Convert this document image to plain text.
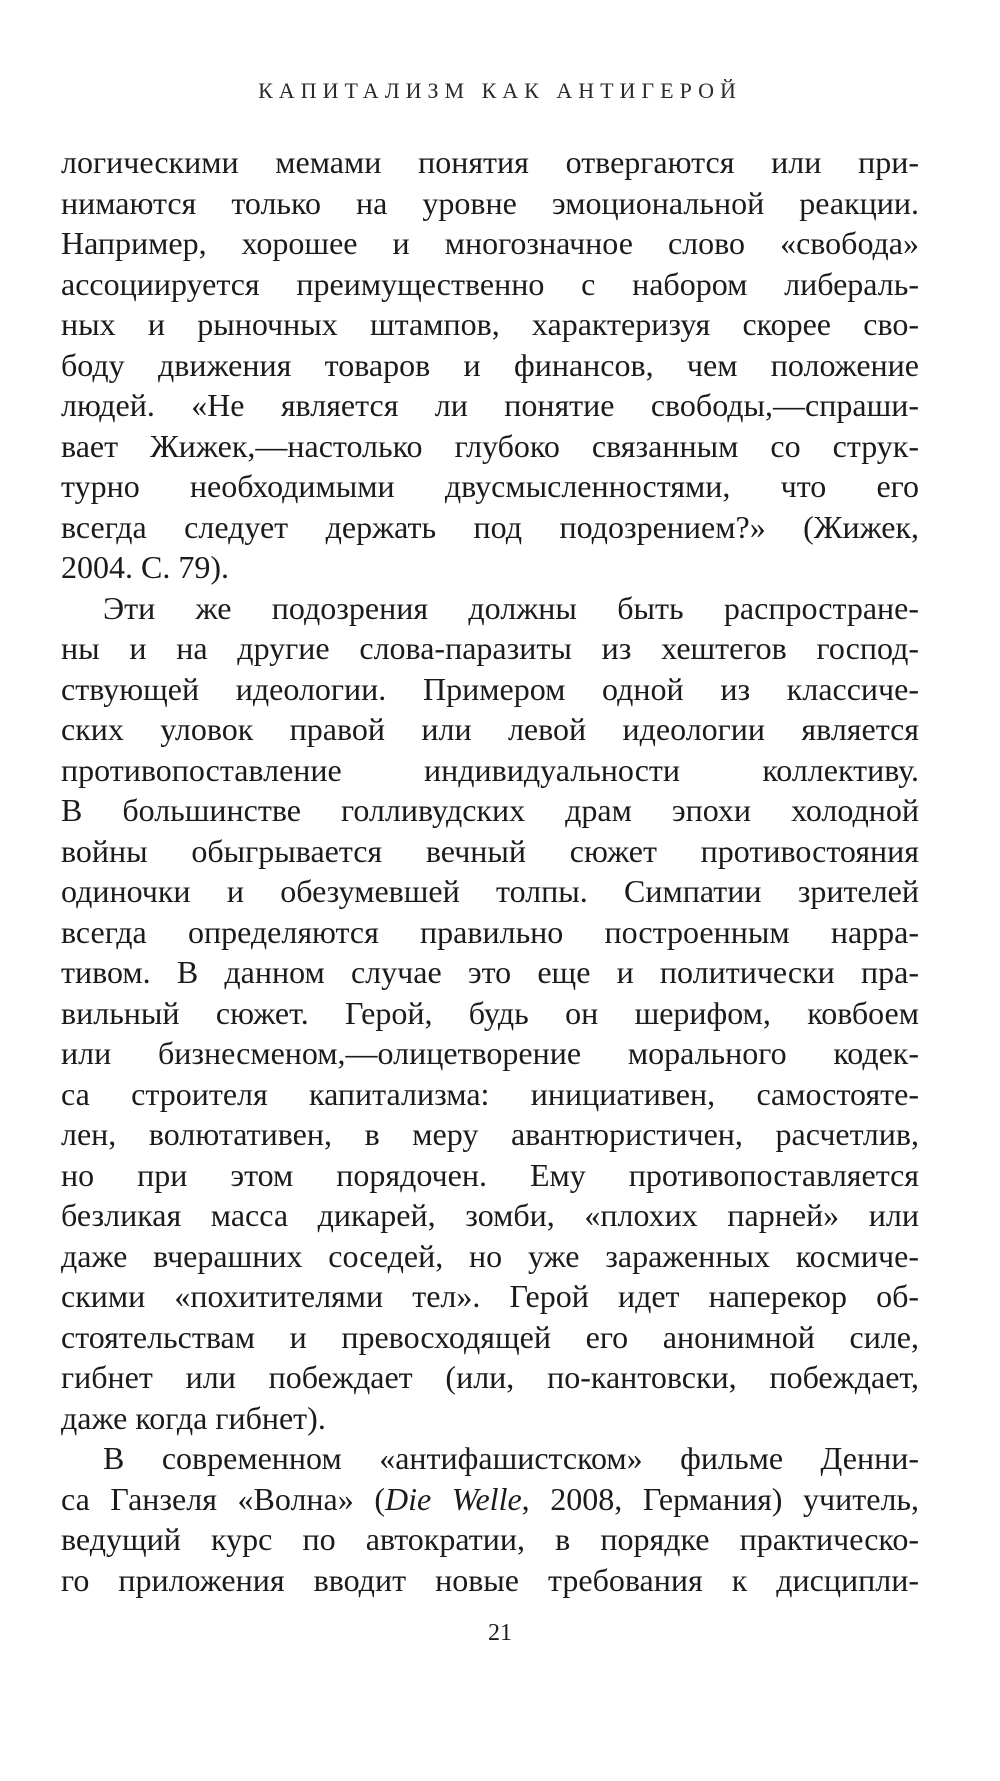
КАПИТАЛИЗМ КАК АНТИГЕРОЙ
логическими мемами понятия отвергаются или при-
нимаются только на уровне эмоциональной реакции.
Например, хорошее и многозначное слово «свобода»
ассоциируется преимущественно с набором либераль-
ных и рыночных штампов, характеризуя скорее сво-
боду движения товаров и финансов, чем положение
людей. «Не является ли понятие свободы,—спраши-
вает Жижек,—настолько глубоко связанным со струк-
турно необходимыми двусмысленностями, что его
всегда следует держать под подозрением?» (Жижек,
2004. С. 79).
Эти же подозрения должны быть распростране-
ны и на другие слова-паразиты из хештегов господ-
ствующей идеологии. Примером одной из классиче-
ских уловок правой или левой идеологии является
противопоставление индивидуальности коллективу.
В большинстве голливудских драм эпохи холодной
войны обыгрывается вечный сюжет противостояния
одиночки и обезумевшей толпы. Симпатии зрителей
всегда определяются правильно построенным нарра-
тивом. В данном случае это еще и политически пра-
вильный сюжет. Герой, будь он шерифом, ковбоем
или бизнесменом,—олицетворение морального кодек-
са строителя капитализма: инициативен, самостояте-
лен, волютативен, в меру авантюристичен, расчетлив,
но при этом порядочен. Ему противопоставляется
безликая масса дикарей, зомби, «плохих парней» или
даже вчерашних соседей, но уже зараженных космиче-
скими «похитителями тел». Герой идет наперекор об-
стоятельствам и превосходящей его анонимной силе,
гибнет или побеждает (или, по-кантовски, побеждает,
даже когда гибнет).
В современном «антифашистском» фильме Денни-
са Ганзеля «Волна» (Die Welle, 2008, Германия) учитель,
ведущий курс по автократии, в порядке практическо-
го приложения вводит новые требования к дисципли-
21
